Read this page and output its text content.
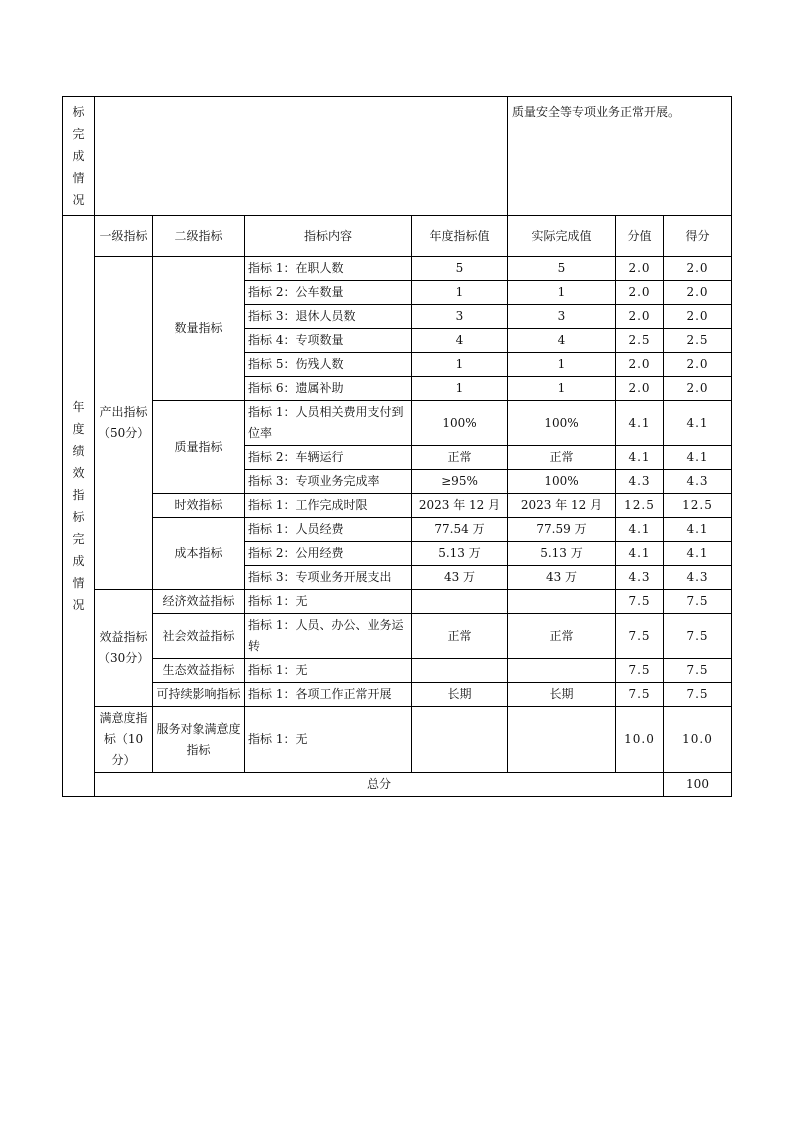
标完成情况					质量安全等专项业务正常开展。			

年度绩效指标完成情况	一级指标	二级指标	指标内容	年度指标值	实际完成值	分值	得分	
	产出指标（50分）	数量指标	指标 1：在职人数	5	5	2.0	2.0	
			指标 2：公车数量	1	1	2.0	2.0	
			指标 3：退休人员数	3	3	2.0	2.0	
			指标 4：专项数量	4	4	2.5	2.5	
			指标 5：伤残人数	1	1	2.0	2.0	
			指标 6：遗属补助	1	1	2.0	2.0	
		质量指标	指标 1：人员相关费用支付到位率	100%	100%	4.1	4.1	
			指标 2：车辆运行	正常	正常	4.1	4.1	
			指标 3：专项业务完成率	≥95%	100%	4.3	4.3	
		时效指标	指标 1：工作完成时限	2023 年 12 月	2023 年 12 月	12.5	12.5	
		成本指标	指标 1：人员经费	77.54 万	77.59 万	4.1	4.1	
			指标 2：公用经费	5.13 万	5.13 万	4.1	4.1	
			指标 3：专项业务开展支出	43 万	43 万	4.3	4.3	
	效益指标（30分）	经济效益指标	指标 1：无			7.5	7.5	
		社会效益指标	指标 1：人员、办公、业务运转	正常	正常	7.5	7.5	
		生态效益指标	指标 1：无			7.5	7.5	
		可持续影响指标	指标 1：各项工作正常开展	长期	长期	7.5	7.5	
	满意度指标（10分）	服务对象满意度指标	指标 1：无			10.0	10.0	
	总分						100	
